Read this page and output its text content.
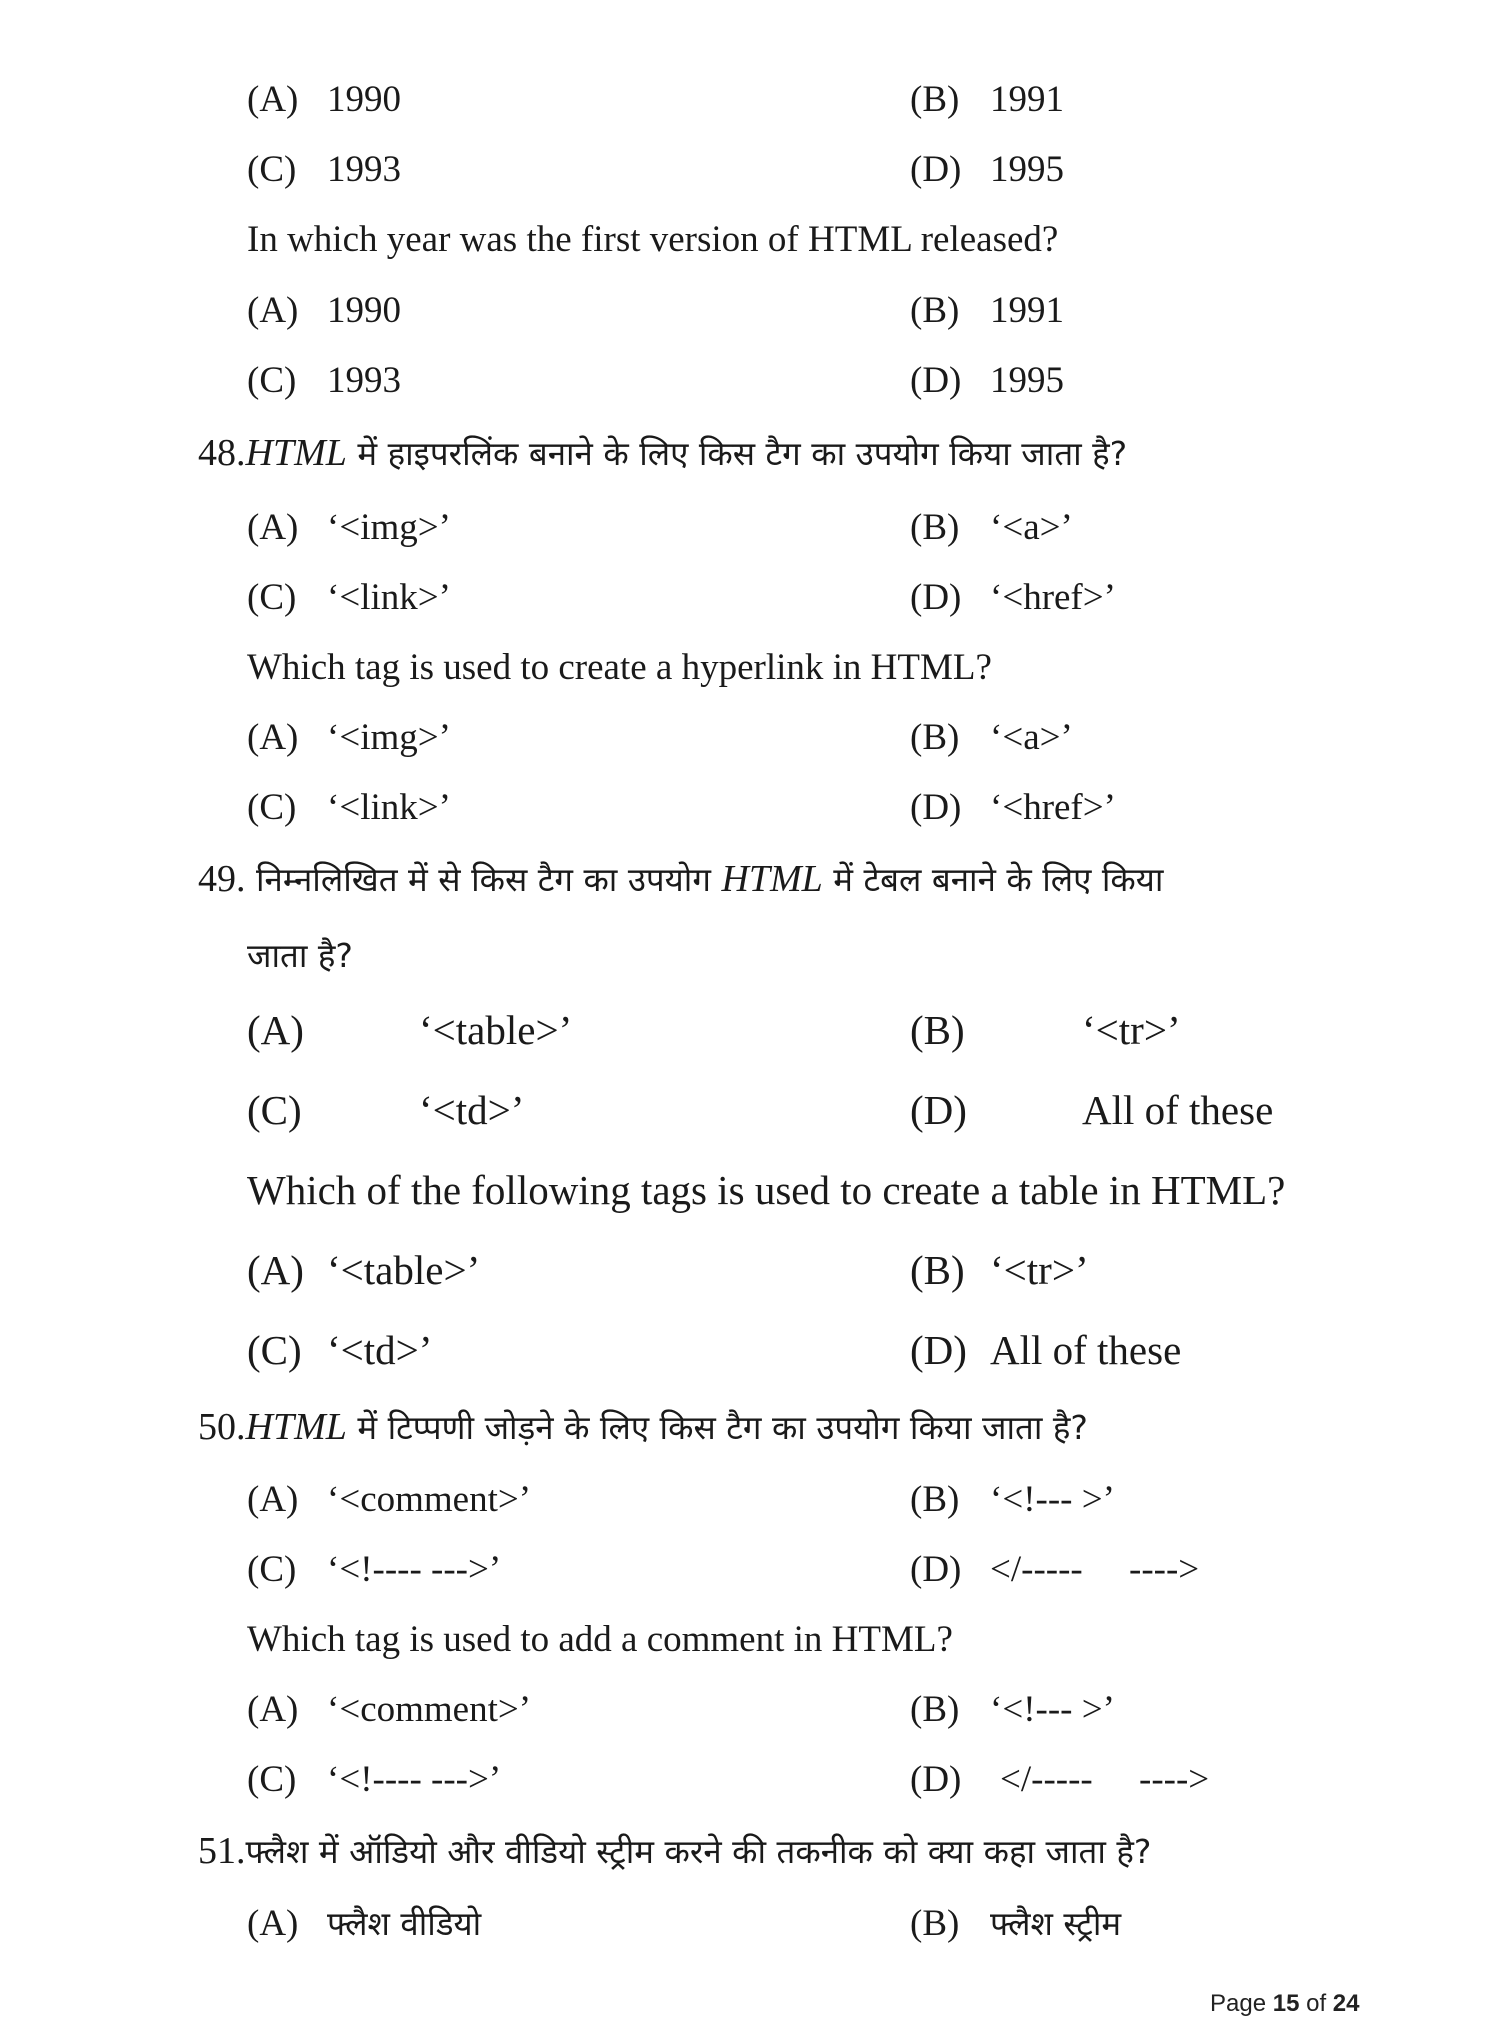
(A) 1990	(B) 1991
(C) 1993	(D) 1995
In which year was the first version of HTML released?
(A) 1990	(B) 1991
(C) 1993	(D) 1995
48.HTML में हाइपरलिंक बनाने के लिए किस टैग का उपयोग किया जाता है?
(A) ‘<img>’	(B) ‘<a>’
(C) ‘<link>’	(D) ‘<href>’
Which tag is used to create a hyperlink in HTML?
(A) ‘<img>’	(B) ‘<a>’
(C) ‘<link>’	(D) ‘<href>’
49. निम्नलिखित में से किस टैग का उपयोग HTML में टेबल बनाने के लिए किया
जाता है?
(A)	‘<table>’	(B)	‘<tr>’
(C)	‘<td>’	(D)	All of these
Which of the following tags is used to create a table in HTML?
(A) ‘<table>’	(B) ‘<tr>’
(C) ‘<td>’	(D) All of these
50.HTML में टिप्पणी जोड़ने के लिए किस टैग का उपयोग किया जाता है?
(A) ‘<comment>’	(B) ‘<!--- >’
(C) ‘<!---- --->’	(D) </-----     ---->
Which tag is used to add a comment in HTML?
(A) ‘<comment>’	(B) ‘<!--- >’
(C) ‘<!---- --->’	(D) </-----     ---->
51.फ्लैश में ऑडियो और वीडियो स्ट्रीम करने की तकनीक को क्या कहा जाता है?
(A) फ्लैश वीडियो	(B) फ्लैश स्ट्रीम
Page 15 of 24
